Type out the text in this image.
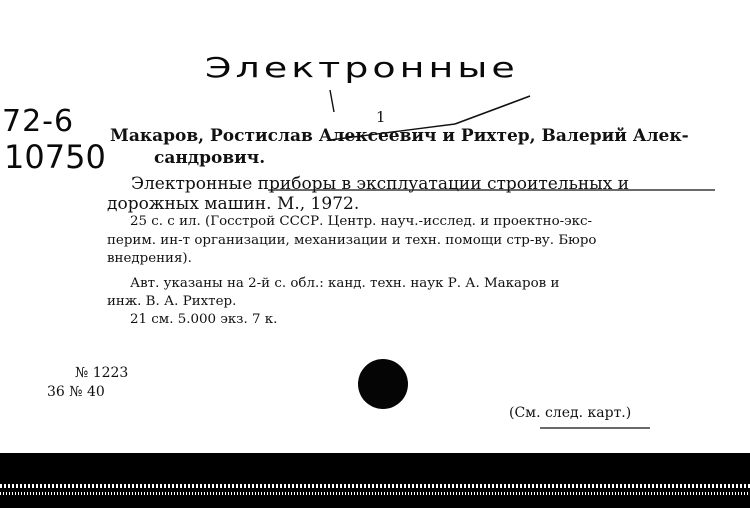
Электронные
72-6
10750
1
Макаров, Ростислав Алексеевич и Рихтер, Валерий Алек-
сандрович.
Электронные приборы в эксплуатации строительных и
дорожных машин. М., 1972.
25 с. с ил. (Госстрой СССР. Центр. науч.-исслед. и проектно-экс-
перим. ин-т организации, механизации и техн. помощи стр-ву. Бюро
внедрения).
Авт. указаны на 2-й с. обл.: канд. техн. наук Р. А. Макаров и
инж. В. А. Рихтер.
21 см. 5.000 экз. 7 к.
№ 1223
36 № 40
(См. след. карт.)
